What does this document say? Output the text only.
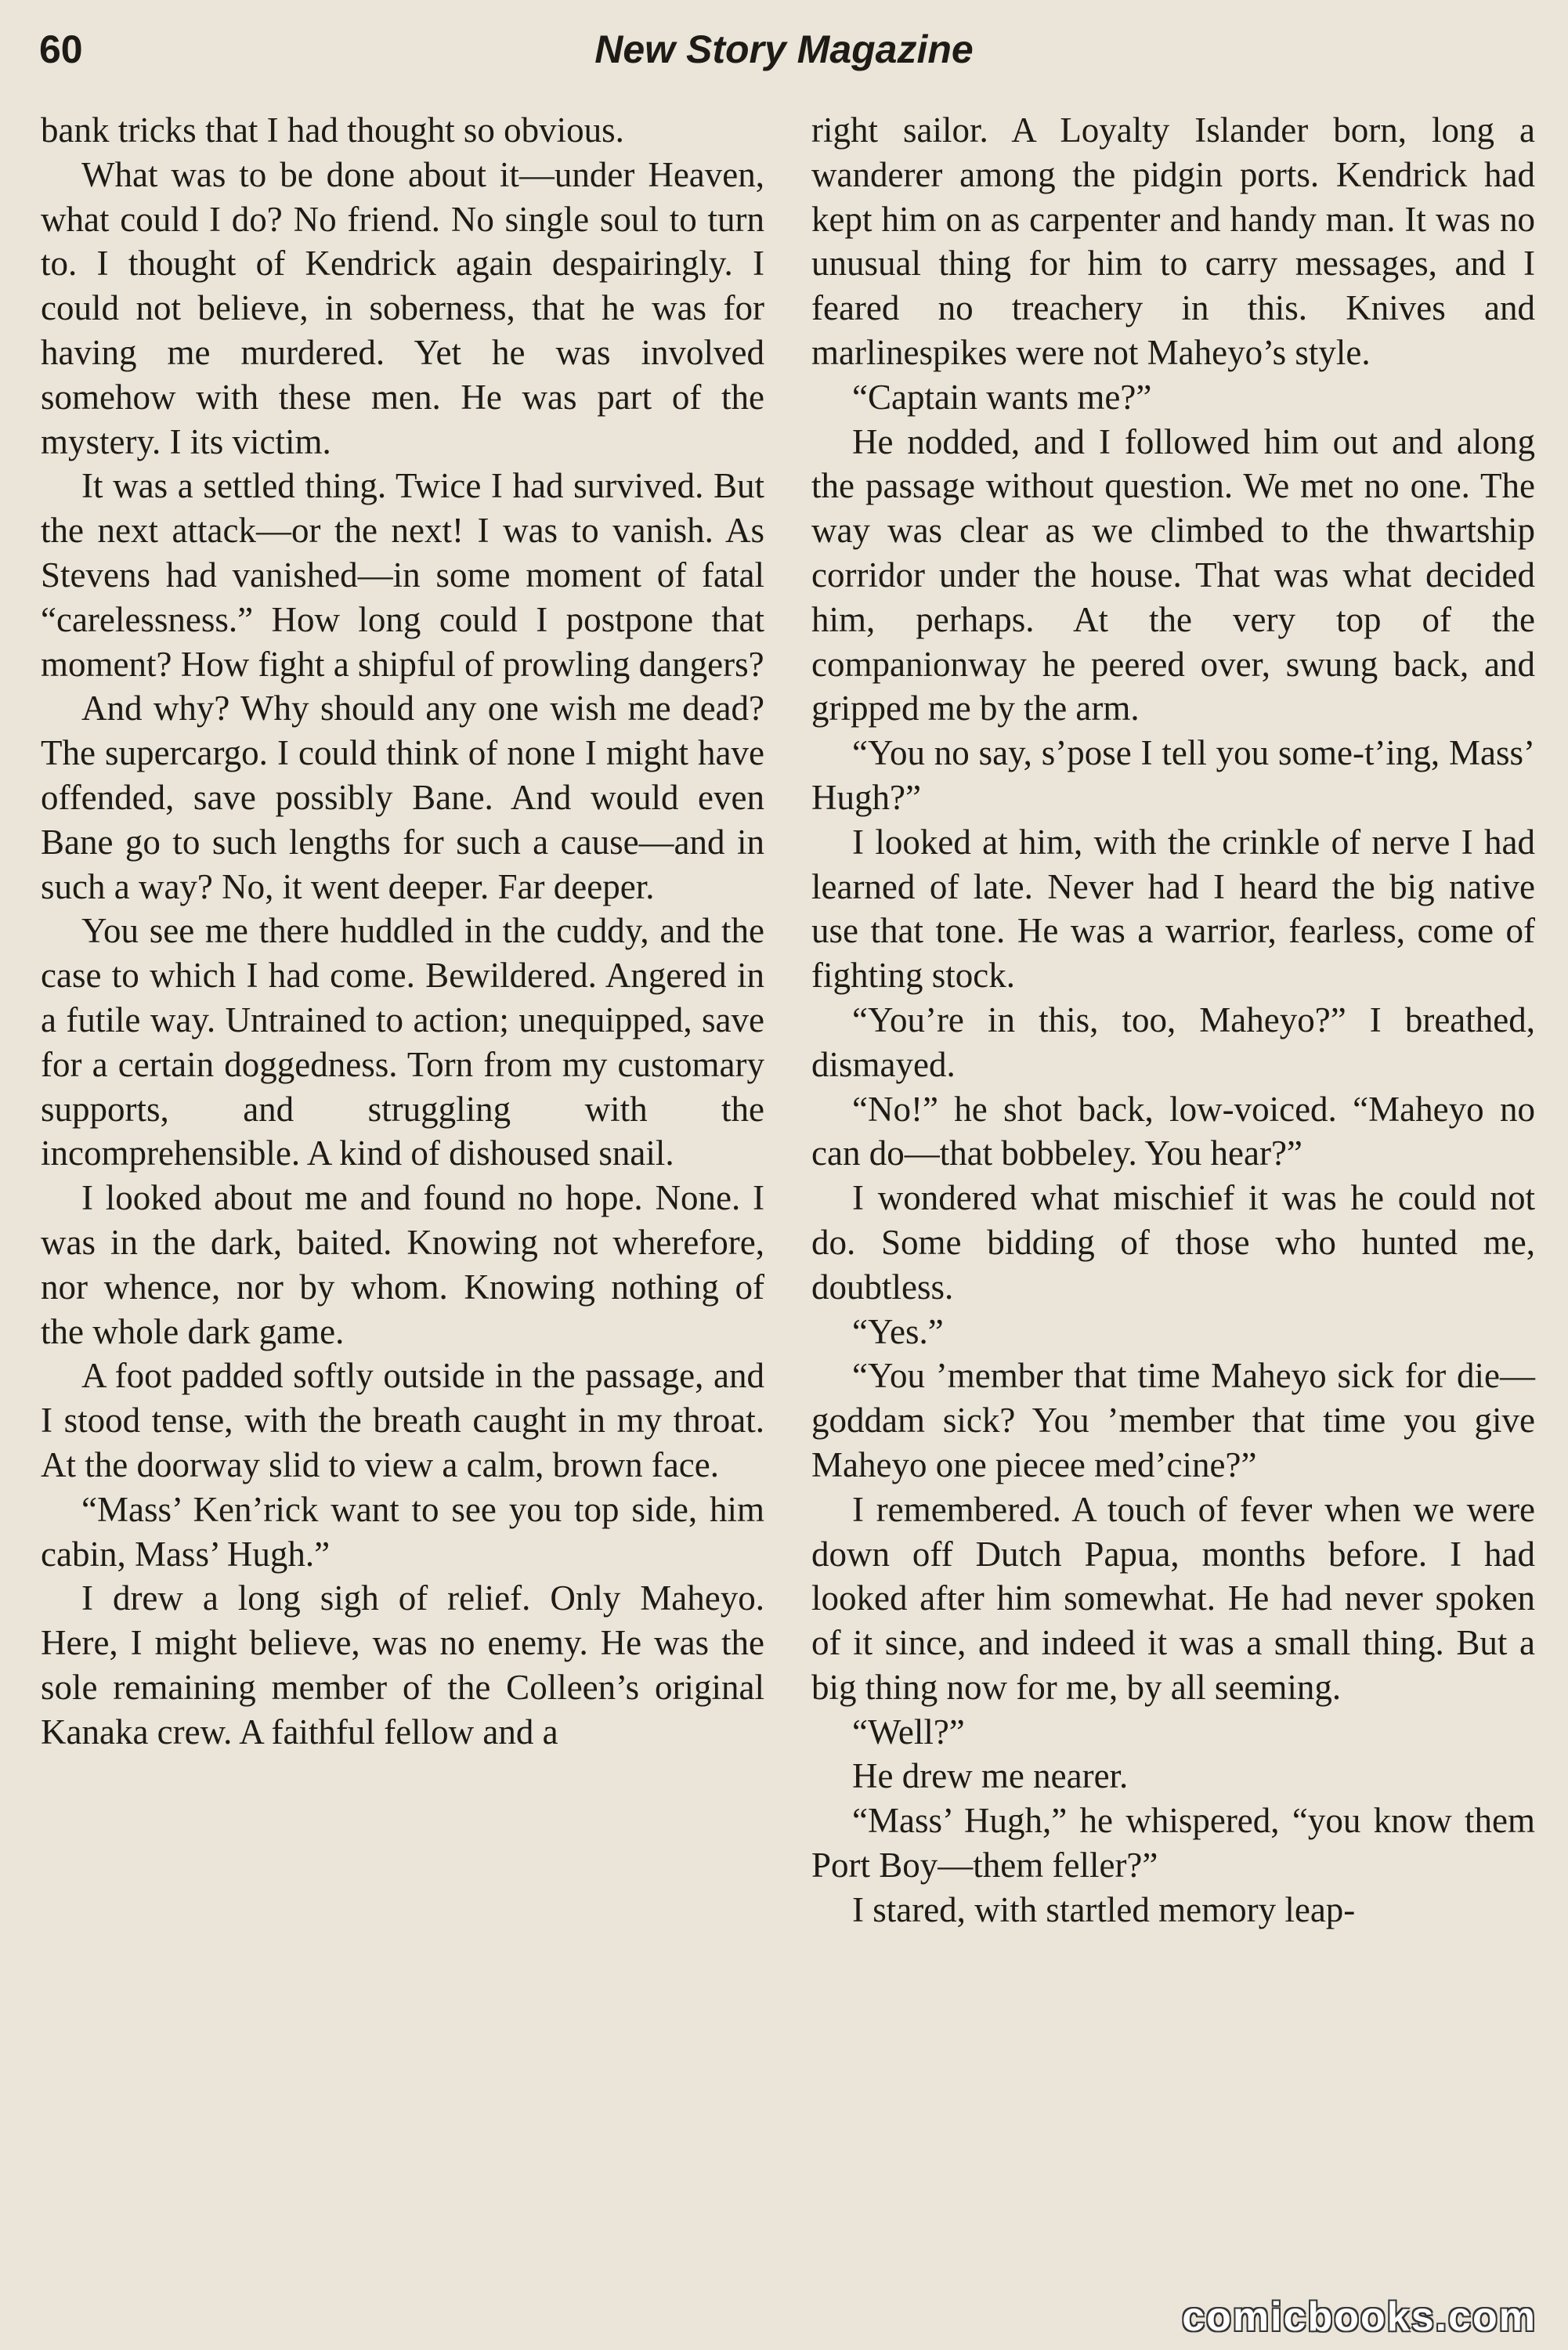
60	New Story Magazine

bank tricks that I had thought so obvious.

What was to be done about it—under Heaven, what could I do? No friend. No single soul to turn to. I thought of Kendrick again despairingly. I could not believe, in soberness, that he was for having me murdered. Yet he was involved somehow with these men. He was part of the mystery. I its victim.

It was a settled thing. Twice I had survived. But the next attack—or the next! I was to vanish. As Stevens had vanished—in some moment of fatal “carelessness.” How long could I postpone that moment? How fight a shipful of prowling dangers?

And why? Why should any one wish me dead? The supercargo. I could think of none I might have offended, save possibly Bane. And would even Bane go to such lengths for such a cause—and in such a way? No, it went deeper. Far deeper.

You see me there huddled in the cuddy, and the case to which I had come. Bewildered. Angered in a futile way. Untrained to action; unequipped, save for a certain doggedness. Torn from my customary supports, and struggling with the incomprehensible. A kind of dishoused snail.

I looked about me and found no hope. None. I was in the dark, baited. Knowing not wherefore, nor whence, nor by whom. Knowing nothing of the whole dark game.

A foot padded softly outside in the passage, and I stood tense, with the breath caught in my throat. At the doorway slid to view a calm, brown face.

“Mass’ Ken’rick want to see you top side, him cabin, Mass’ Hugh.”

I drew a long sigh of relief. Only Maheyo. Here, I might believe, was no enemy. He was the sole remaining member of the Colleen’s original Kanaka crew. A faithful fellow and a

right sailor. A Loyalty Islander born, long a wanderer among the pidgin ports. Kendrick had kept him on as carpenter and handy man. It was no unusual thing for him to carry messages, and I feared no treachery in this. Knives and marlinespikes were not Maheyo’s style.

“Captain wants me?”

He nodded, and I followed him out and along the passage without question. We met no one. The way was clear as we climbed to the thwartship corridor under the house. That was what decided him, perhaps. At the very top of the companionway he peered over, swung back, and gripped me by the arm.

“You no say, s’pose I tell you some-t’ing, Mass’ Hugh?”

I looked at him, with the crinkle of nerve I had learned of late. Never had I heard the big native use that tone. He was a warrior, fearless, come of fighting stock.

“You’re in this, too, Maheyo?” I breathed, dismayed.

“No!” he shot back, low-voiced. “Maheyo no can do—that bobbeley. You hear?”

I wondered what mischief it was he could not do. Some bidding of those who hunted me, doubtless.

“Yes.”

“You ’member that time Maheyo sick for die—goddam sick? You ’member that time you give Maheyo one piecee med’cine?”

I remembered. A touch of fever when we were down off Dutch Papua, months before. I had looked after him somewhat. He had never spoken of it since, and indeed it was a small thing. But a big thing now for me, by all seeming.

“Well?”

He drew me nearer.

“Mass’ Hugh,” he whispered, “you know them Port Boy—them feller?”

I stared, with startled memory leap-

comicbooks.com
